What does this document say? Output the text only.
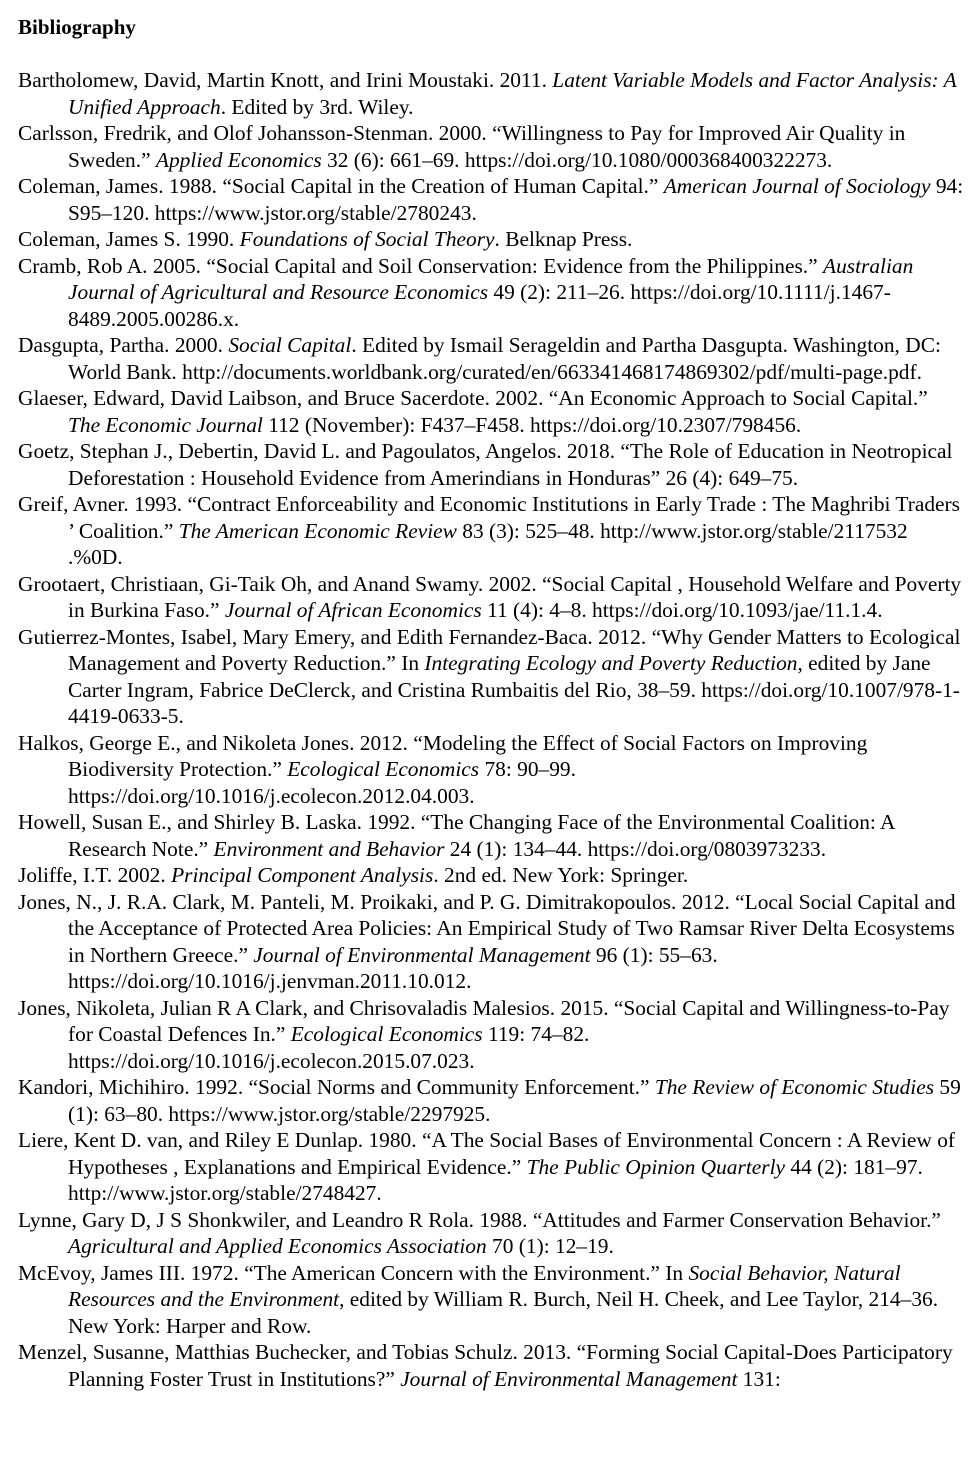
Bibliography
Bartholomew, David, Martin Knott, and Irini Moustaki. 2011. Latent Variable Models and Factor Analysis: A Unified Approach. Edited by 3rd. Wiley.
Carlsson, Fredrik, and Olof Johansson-Stenman. 2000. “Willingness to Pay for Improved Air Quality in Sweden.” Applied Economics 32 (6): 661–69. https://doi.org/10.1080/000368400322273.
Coleman, James. 1988. “Social Capital in the Creation of Human Capital.” American Journal of Sociology 94: S95–120. https://www.jstor.org/stable/2780243.
Coleman, James S. 1990. Foundations of Social Theory. Belknap Press.
Cramb, Rob A. 2005. “Social Capital and Soil Conservation: Evidence from the Philippines.” Australian Journal of Agricultural and Resource Economics 49 (2): 211–26. https://doi.org/10.1111/j.1467-8489.2005.00286.x.
Dasgupta, Partha. 2000. Social Capital. Edited by Ismail Serageldin and Partha Dasgupta. Washington, DC: World Bank. http://documents.worldbank.org/curated/en/663341468174869302/pdf/multi-page.pdf.
Glaeser, Edward, David Laibson, and Bruce Sacerdote. 2002. “An Economic Approach to Social Capital.” The Economic Journal 112 (November): F437–F458. https://doi.org/10.2307/798456.
Goetz, Stephan J., Debertin, David L. and Pagoulatos, Angelos. 2018. “The Role of Education in Neotropical Deforestation : Household Evidence from Amerindians in Honduras” 26 (4): 649–75.
Greif, Avner. 1993. “Contract Enforceability and Economic Institutions in Early Trade : The Maghribi Traders ’ Coalition.” The American Economic Review 83 (3): 525–48. http://www.jstor.org/stable/2117532 .%0D.
Grootaert, Christiaan, Gi-Taik Oh, and Anand Swamy. 2002. “Social Capital , Household Welfare and Poverty in Burkina Faso.” Journal of African Economics 11 (4): 4–8. https://doi.org/10.1093/jae/11.1.4.
Gutierrez-Montes, Isabel, Mary Emery, and Edith Fernandez-Baca. 2012. “Why Gender Matters to Ecological Management and Poverty Reduction.” In Integrating Ecology and Poverty Reduction, edited by Jane Carter Ingram, Fabrice DeClerck, and Cristina Rumbaitis del Rio, 38–59. https://doi.org/10.1007/978-1-4419-0633-5.
Halkos, George E., and Nikoleta Jones. 2012. “Modeling the Effect of Social Factors on Improving Biodiversity Protection.” Ecological Economics 78: 90–99. https://doi.org/10.1016/j.ecolecon.2012.04.003.
Howell, Susan E., and Shirley B. Laska. 1992. “The Changing Face of the Environmental Coalition: A Research Note.” Environment and Behavior 24 (1): 134–44. https://doi.org/0803973233.
Joliffe, I.T. 2002. Principal Component Analysis. 2nd ed. New York: Springer.
Jones, N., J. R.A. Clark, M. Panteli, M. Proikaki, and P. G. Dimitrakopoulos. 2012. “Local Social Capital and the Acceptance of Protected Area Policies: An Empirical Study of Two Ramsar River Delta Ecosystems in Northern Greece.” Journal of Environmental Management 96 (1): 55–63. https://doi.org/10.1016/j.jenvman.2011.10.012.
Jones, Nikoleta, Julian R A Clark, and Chrisovaladis Malesios. 2015. “Social Capital and Willingness-to-Pay for Coastal Defences In.” Ecological Economics 119: 74–82. https://doi.org/10.1016/j.ecolecon.2015.07.023.
Kandori, Michihiro. 1992. “Social Norms and Community Enforcement.” The Review of Economic Studies 59 (1): 63–80. https://www.jstor.org/stable/2297925.
Liere, Kent D. van, and Riley E Dunlap. 1980. “A The Social Bases of Environmental Concern : A Review of Hypotheses , Explanations and Empirical Evidence.” The Public Opinion Quarterly 44 (2): 181–97. http://www.jstor.org/stable/2748427.
Lynne, Gary D, J S Shonkwiler, and Leandro R Rola. 1988. “Attitudes and Farmer Conservation Behavior.” Agricultural and Applied Economics Association 70 (1): 12–19.
McEvoy, James III. 1972. “The American Concern with the Environment.” In Social Behavior, Natural Resources and the Environment, edited by William R. Burch, Neil H. Cheek, and Lee Taylor, 214–36. New York: Harper and Row.
Menzel, Susanne, Matthias Buchecker, and Tobias Schulz. 2013. “Forming Social Capital-Does Participatory Planning Foster Trust in Institutions?” Journal of Environmental Management 131:
